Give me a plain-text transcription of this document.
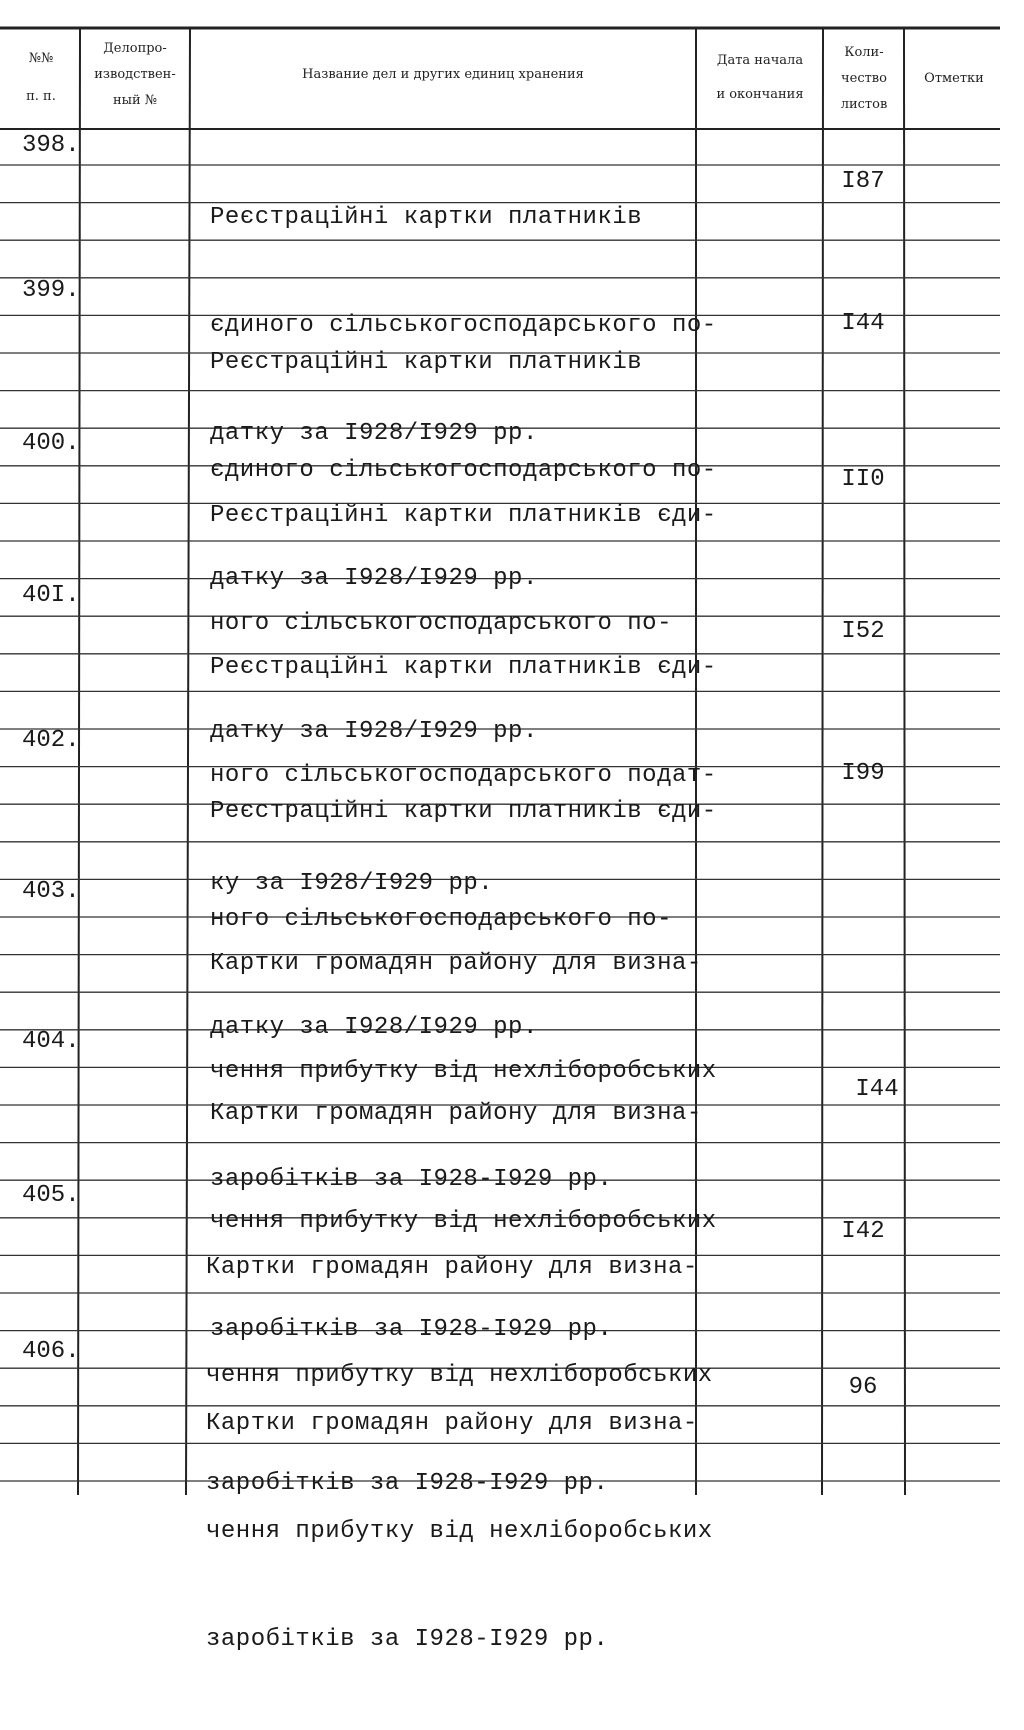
№№
п. п.
Делопро-
изводствен-
ный №
Название дел и других единиц хранения
Дата начала
и окончания
Коли-
чество
листов
Отметки
398.

Реєстраційні картки платників

єдиного сільськогосподарського по-

датку за I928/I929 рр.

I87
399.

Реєстраційні картки платників

єдиного сільськогосподарського по-

датку за I928/I929 рр.

I44
400.

Реєстраційні картки платників єди-

ного сільськогосподарського по-

датку за I928/I929 рр.

II0
40I.

Реєстраційні картки платників єди-

ного сільськогосподарського подат-

ку за I928/I929 рр.

I52
402.

Реєстраційні картки платників єди-

ного сільськогосподарського по-

датку за I928/I929 рр.

I99
403.

Картки громадян району для визна-

чення прибутку від нехліборобських

заробітків за I928-I929 рр.

404.

Картки громадян району для визна-

чення прибутку від нехліборобських

заробітків за I928-I929 рр.

I44
405.

Картки громадян району для визна-

чення прибутку від нехліборобських

заробітків за I928-I929 рр.

I42
406.

Картки громадян району для визна-

чення прибутку від нехліборобських

заробітків за I928-I929 рр.

96
